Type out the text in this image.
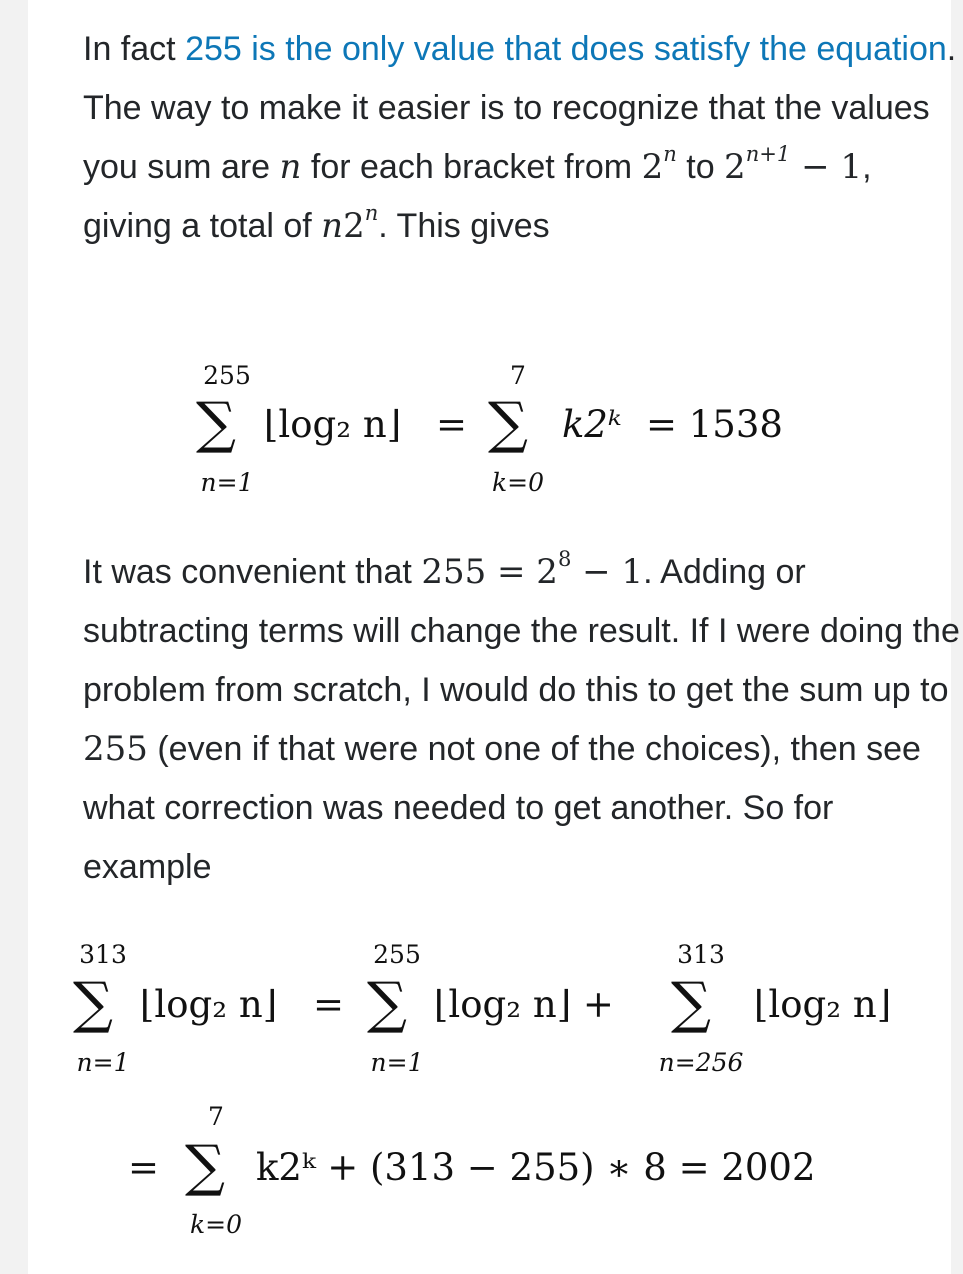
In fact 255 is the only value that does satisfy the equation. The way to make it easier is to recognize that the values you sum are n for each bracket from 2$^n$ to $2^{n+1} - 1$, giving a total of n2$^n$. This gives

255
∑
n=1
⌊log₂ n⌋ =
7
∑
k=0
k2ᵏ = 1538

It was convenient that $255 = 2^8 - 1$. Adding or subtracting terms will change the result. If I were doing the problem from scratch, I would do this to get the sum up to 255 (even if that were not one of the choices), then see what correction was needed to get another. So for example

313
∑
n=1
⌊log₂ n⌋ =
255
∑
n=1
⌊log₂ n⌋ +
313
∑
n=256
⌊log₂ n⌋
=
7
∑
k=0
k2ᵏ + (313 − 255) ∗ 8 = 2002
